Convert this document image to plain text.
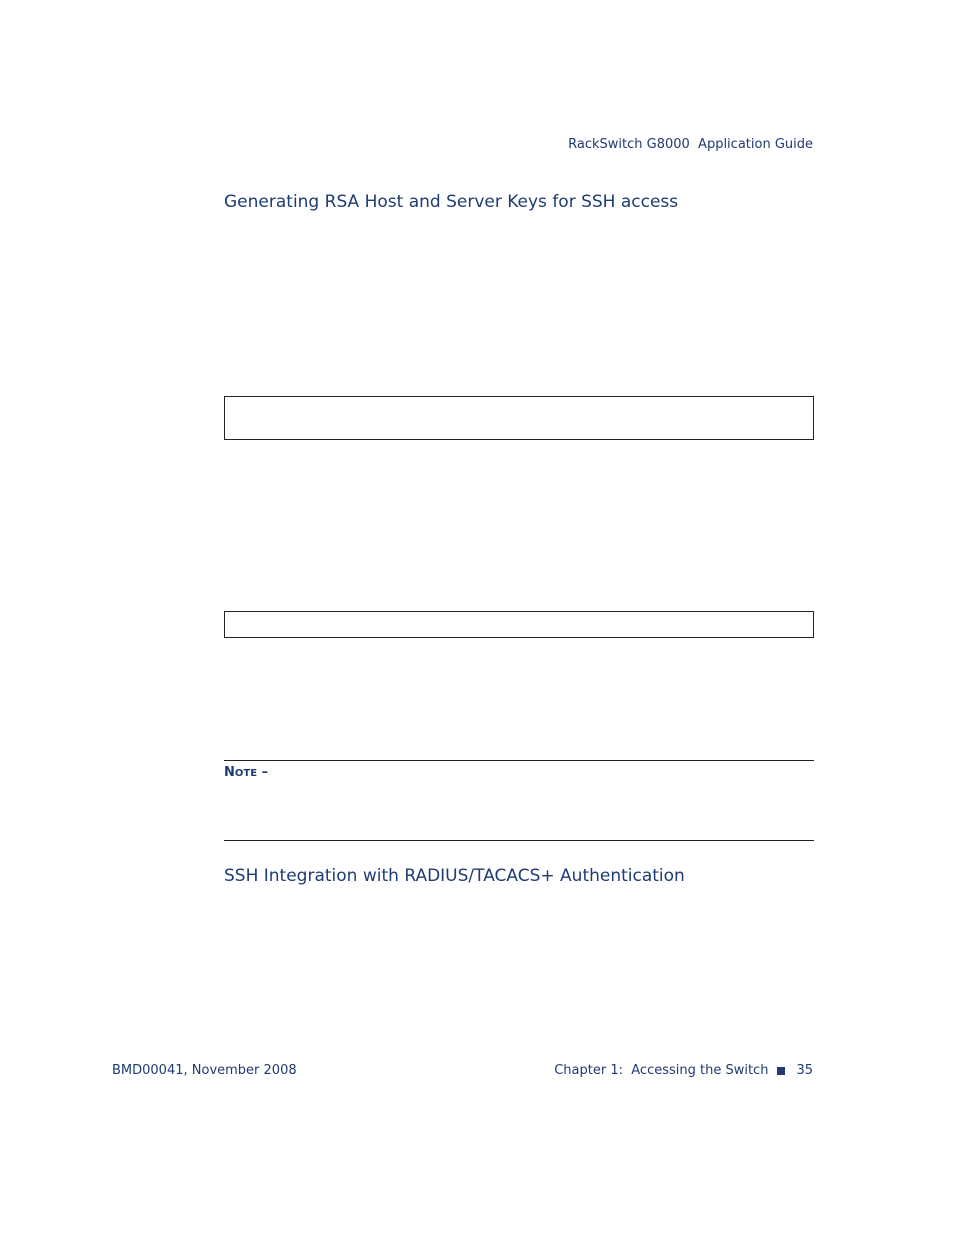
RackSwitch G8000  Application Guide
Generating RSA Host and Server Keys for SSH access
NOTE –
SSH Integration with RADIUS/TACACS+ Authentication
BMD00041, November 2008	Chapter 1:  Accessing the Switch 35
